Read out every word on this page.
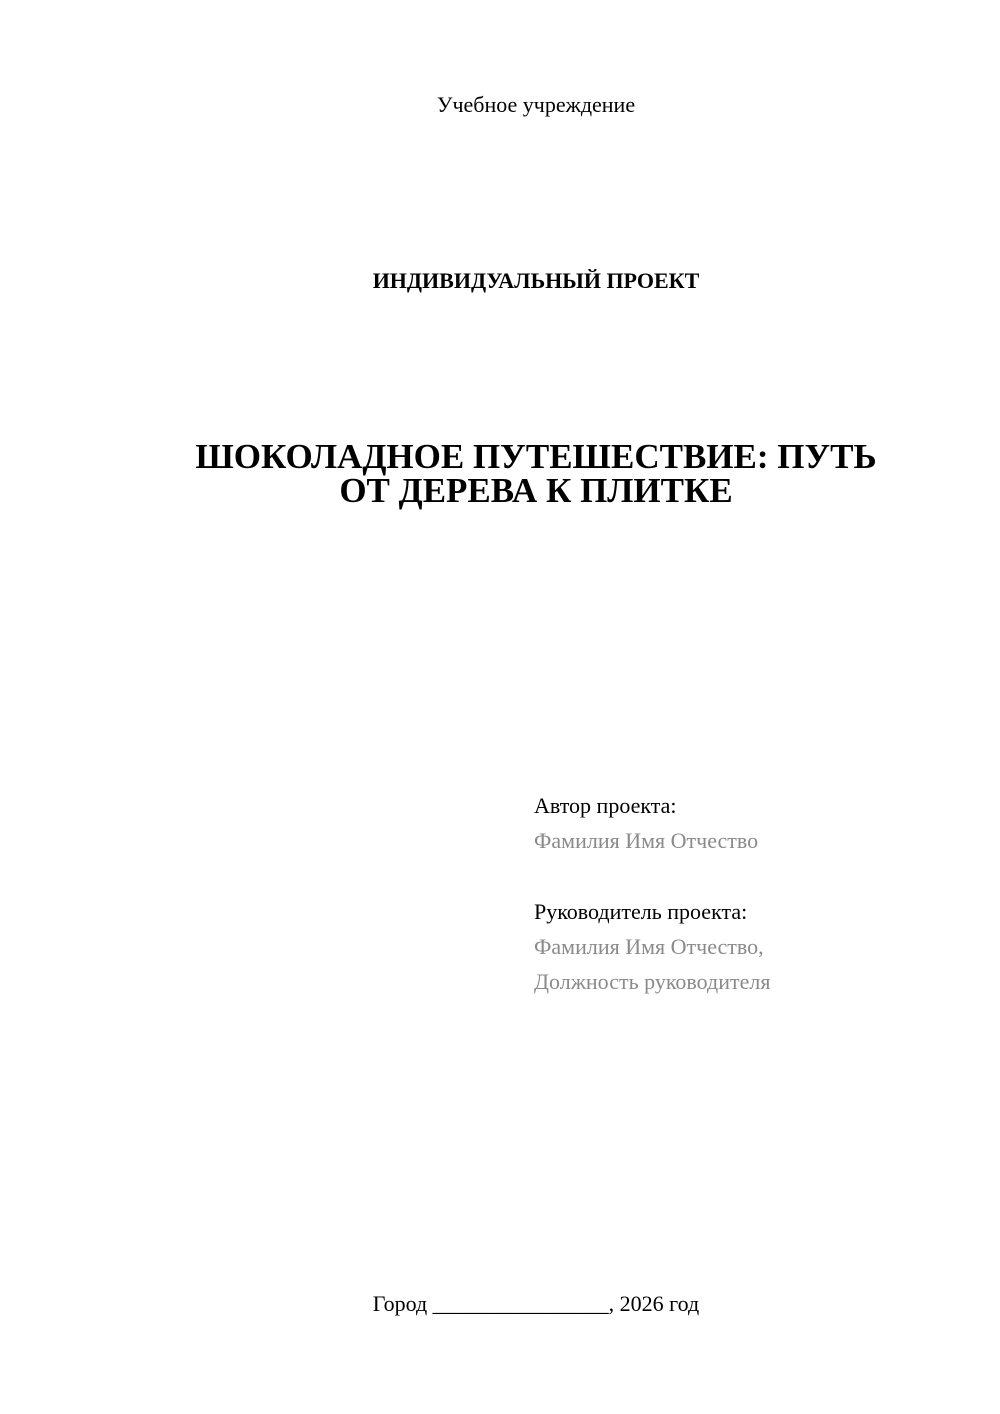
Учебное учреждение
ИНДИВИДУАЛЬНЫЙ ПРОЕКТ
ШОКОЛАДНОЕ ПУТЕШЕСТВИЕ: ПУТЬ
ОТ ДЕРЕВА К ПЛИТКЕ
Автор проекта:
Фамилия Имя Отчество
Руководитель проекта:
Фамилия Имя Отчество,
Должность руководителя
Город ________________, 2026 год
